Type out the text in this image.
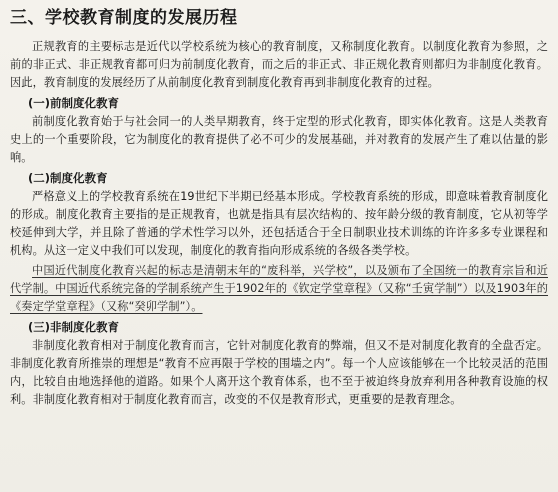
三、学校教育制度的发展历程

正规教育的主要标志是近代以学校系统为核心的教育制度，又称制度化教育。以制度化教育为参照，之前的非正式、非正规教育都可归为前制度化教育，而之后的非正式、非正规化教育则都归为非制度化教育。因此，教育制度的发展经历了从前制度化教育到制度化教育再到非制度化教育的过程。

(一)前制度化教育

前制度化教育始于与社会同一的人类早期教育，终于定型的形式化教育，即实体化教育。这是人类教育史上的一个重要阶段，它为制度化的教育提供了必不可少的发展基础，并对教育的发展产生了难以估量的影响。

(二)制度化教育

严格意义上的学校教育系统在19世纪下半期已经基本形成。学校教育系统的形成，即意味着教育制度化的形成。制度化教育主要指的是正规教育，也就是指具有层次结构的、按年龄分级的教育制度，它从初等学校延伸到大学，并且除了普通的学术性学习以外，还包括适合于全日制职业技术训练的许许多多专业课程和机构。从这一定义中我们可以发现，制度化的教育指向形成系统的各级各类学校。

中国近代制度化教育兴起的标志是清朝末年的“废科举，兴学校”，以及颁布了全国统一的教育宗旨和近代学制。中国近代系统完备的学制系统产生于1902年的《钦定学堂章程》（又称“壬寅学制”）以及1903年的《奏定学堂章程》（又称“癸卯学制”）。

(三)非制度化教育

非制度化教育相对于制度化教育而言，它针对制度化教育的弊端，但又不是对制度化教育的全盘否定。非制度化教育所推崇的理想是“教育不应再限于学校的围墙之内”。每一个人应该能够在一个比较灵活的范围内，比较自由地选择他的道路。如果个人离开这个教育体系，也不至于被迫终身放弃利用各种教育设施的权利。非制度化教育相对于制度化教育而言，改变的不仅是教育形式，更重要的是教育理念。
